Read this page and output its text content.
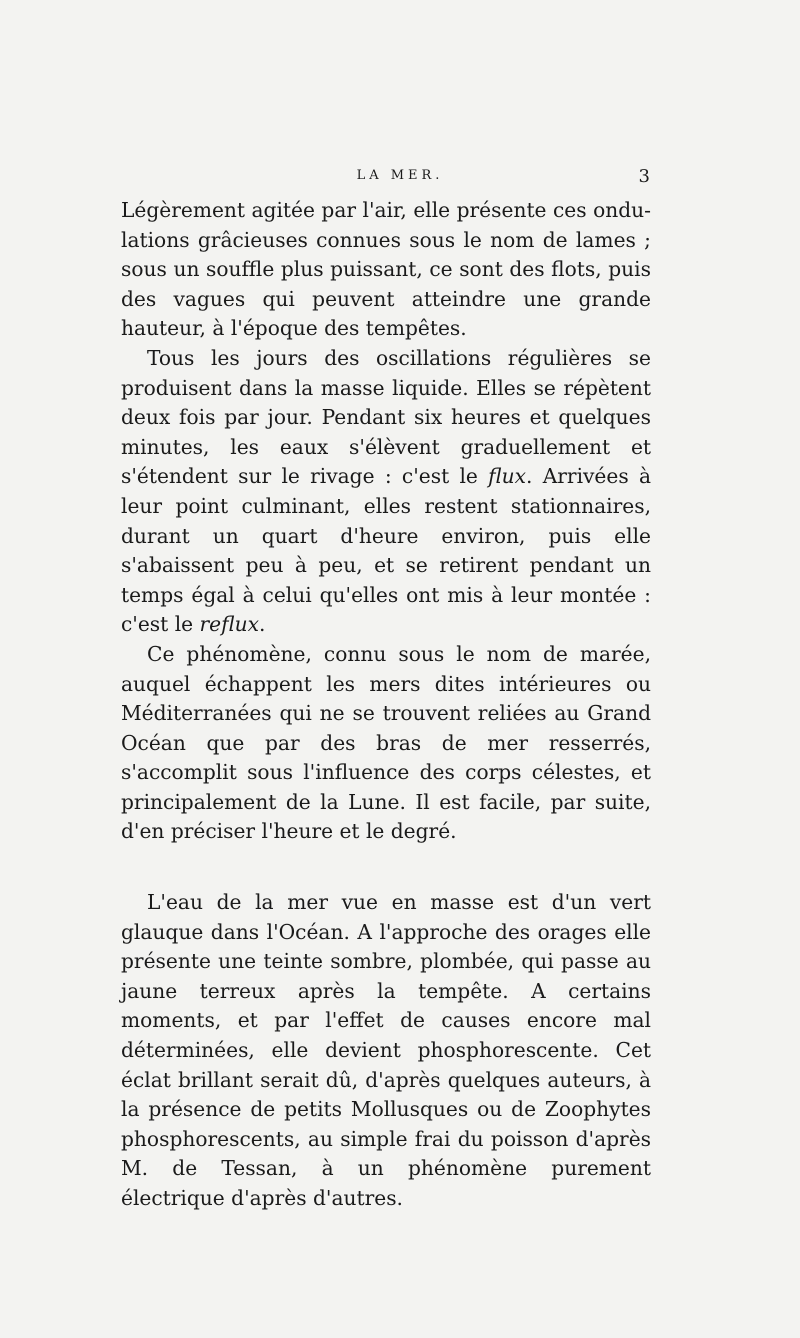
LA MER.	3

Légèrement agitée par l'air, elle présente ces ondulations grâcieuses connues sous le nom de lames ; sous un souffle plus puissant, ce sont des flots, puis des vagues qui peuvent atteindre une grande hauteur, à l'époque des tempêtes.

Tous les jours des oscillations régulières se produisent dans la masse liquide. Elles se répètent deux fois par jour. Pendant six heures et quelques minutes, les eaux s'élèvent graduellement et s'étendent sur le rivage : c'est le flux. Arrivées à leur point culminant, elles restent stationnaires, durant un quart d'heure environ, puis elle s'abaissent peu à peu, et se retirent pendant un temps égal à celui qu'elles ont mis à leur montée : c'est le reflux.

Ce phénomène, connu sous le nom de marée, auquel échappent les mers dites intérieures ou Méditerranées qui ne se trouvent reliées au Grand Océan que par des bras de mer resserrés, s'accomplit sous l'influence des corps célestes, et principalement de la Lune. Il est facile, par suite, d'en préciser l'heure et le degré.

L'eau de la mer vue en masse est d'un vert glauque dans l'Océan. A l'approche des orages elle présente une teinte sombre, plombée, qui passe au jaune terreux après la tempête. A certains moments, et par l'effet de causes encore mal déterminées, elle devient phosphorescente. Cet éclat brillant serait dû, d'après quelques auteurs, à la présence de petits Mollusques ou de Zoophytes phosphorescents, au simple frai du poisson d'après M. de Tessan, à un phénomène purement électrique d'après d'autres.
